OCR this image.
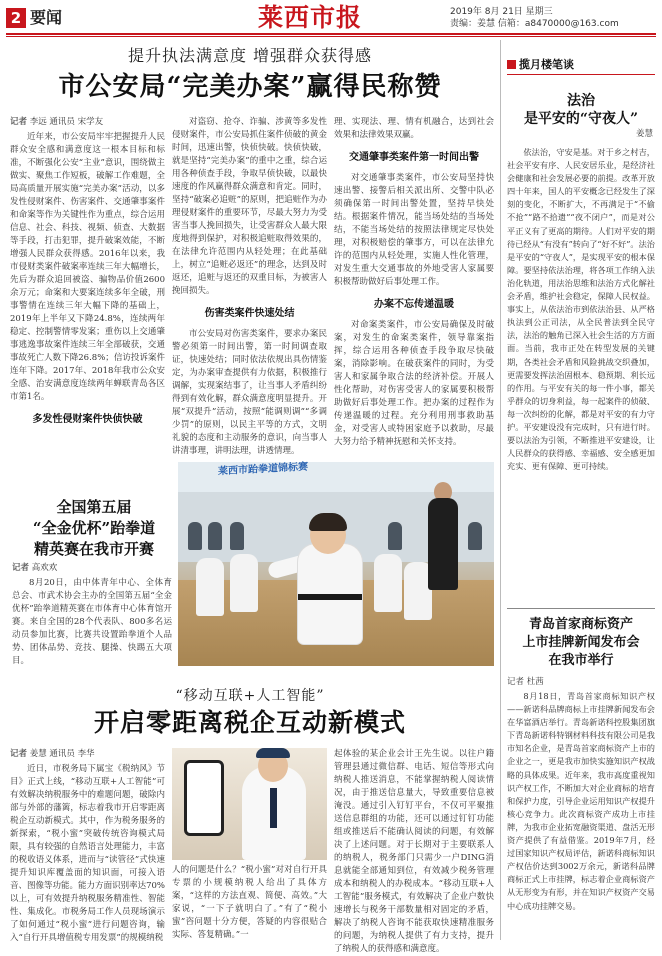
2 要闻	莱西市报	2019年 8月 21日 星期三
责编：姜慧 信箱：a8470000@163.com
提升执法满意度 增强群众获得感
市公安局“完美办案”赢得民称赞
记者 李远 通讯员 宋学友

近年来，市公安局牢牢把握提升人民群众安全感和满意度这一根本目标和标准，不断强化公安“主业”意识，围绕做主做实、聚焦工作短板，破解工作难题，全局高质量开展实施“完美办案”活动，以多发性侵财案件、伤害案件、交通肇事案件和命案等作为关键性作为重点，综合运用信息、社会、科技、视频、侦查、大数据等手段，打击犯罪，提升破案效能，不断增强人民群众获得感。2016年以来，我市侵财类案件破案率连续三年大幅增长，先后为群众追回被盗、骗物品价值2600余万元；命案和大要案连续多年全破，刑事警情在连续三年大幅下降的基础上，2019年上半年又下降24.8%，连续两年稳定、控制警情零发案；重伤以上交通肇事逃逸事故案件连续三年全部破获，交通事故死亡人数下降26.8%；信访投诉案件连年下降。2017年、2018年我市公众安全感、治安满意度连续两年蝉联青岛各区市第1名。

多发性侵财案件快侦快破

对盗窃、抢夺、诈骗、涉黄等多发性侵财案件，市公安局抓住案件侦破的黄金时间，迅速出警，快侦快破。快侦快破，就是坚持“完美办案”的重中之重，综合运用各种侦查手段，争取早侦快破，以最快速度的作风赢得群众满意和肯定。同时，坚持“破案必追赃”的原则，把追赃作为办理侵财案件的重要环节，尽最大努力为受害当事人挽回损失，让受害群众人最大限度地得到保护，对积极追赃取得效果的，在法律允许范围内从轻处理；在此基础上，树立“追赃必返还”的理念，达到及时返还，追赃与返还的双重目标，为被害人挽回损失。

伤害类案件快速处结

市公安局对伤害类案件，要求办案民警必须第一时间出警，第一时间调查取证，快速处结；同时依法依规出具伤情鉴定，为办案审查提供有力依据，积极推行调解，实现案结事了，让当事人矛盾纠纷得到有效化解，群众满意度明显提升。开展“双提升”活动，按照“能调则调”“多调少罚”的原则，以民主平等的方式，文明礼貌的态度和主动服务的意识，向当事人讲清事理，讲明法理，讲透情理。

理、实现法、理、情有机融合，达到社会效果和法律效果双赢。

交通肇事类案件第一时间出警

对交通肇事类案件，市公安局坚持快速出警、接警后相关派出所、交警中队必须确保第一时间出警处置，坚持早快处结。根据案件情况，能当场处结的当场处结，不能当场处结的按照法律规定尽快处理，对积极赔偿的肇事方，可以在法律允许的范围内从轻处理，实施人性化管理，对发生重大交通事故的外地受害人家属要积极帮助做好后事处理工作。

办案不忘传递温暖

对命案类案件，市公安局确保及时破案，对发生的命案类案件，领导靠案指挥，综合运用各种侦查手段争取尽快破案，消除影响。在破获案件的同时，为受害人和家属争取合法的经济补偿。开展人性化帮助，对伤害受害人的家属要积极帮助做好后事处理工作。把办案的过程作为传递温暖的过程。充分利用刑事救助基金，对受害人或特困家庭予以救助，尽最大努力给予精神抚慰和关怀支持。

莱西市跆拳道锦标赛
全国第五届
“全金优杯”跆拳道
精英赛在我市开赛
记者 高欢欢

8月20日，由中体青年中心、全体育总会、市武术协会主办的全国第五届“全金优杯”跆拳道精英赛在市体育中心体育馆开赛。来自全国的28个代表队、800多名运动员参加比赛，比赛共设置跆拳道个人品势、团体品势、竞技、腿操、快踢五大项目。

“移动互联+人工智能”
开启零距离税企互动新模式
记者 姜慧 通讯员 李华

近日，市税务局下属宝《税纳风》节目》正式上线，“移动互联+人工智能”可有效解决纳税服务中的难题问题，破除内部与外部的藩篱，标志着我市开启零距离税企互动新模式。其中，作为税务服务的新探索，“税小蜜”突破传统咨询模式局限，具有较强的自然语言处理能力，丰富的税收语义体系，进而与“读管径”式快速提升知识库覆盖面的知识面，可接入语音、图像等功能。能力方面识别率达70%以上，可有效提升纳税服务精准性、智能性、集成化。市税务局工作人员现场演示了如何通过“税小蜜”进行问题咨询，输入“自行开具增值税专用发票”的规模纳税

人的问题是什么？“税小蜜”对对自行开具专票的小规模纳税人给出了具体方案，“这样的方法直观、简便、高效。”大家说，“一下子就明白了。”有了“税小蜜”咨问题十分方便，答疑的内容很贴合实际、答复精确。”一

起体验的某企业会计王先生说。以往户籍管理县通过微信群、电话、短信等形式向纳税人推送消息，不能掌握纳税人阅读情况，由于推送信息量大，导致重要信息被淹没。通过引入钉钉平台，不仅可平聚推送信息群组的功能，还可以通过钉钉功能组或推送后不能确认阅读的问题，有效解决了上述问题。对于长期对于主要联系人的纳税人，税务部门只需少一户DING消息就能全部通知到位，有效减少税务管理成本和纳税人的办税成本。“移动互联+人工智能”服务模式，有效解决了企业户数快速增长与税务干部数量相对固定的矛盾，解决了纳税人咨询不能获取快速精准服务的问题，为纳税人提供了有力支持，提升了纳税人的获得感和满意度。

揽月楼笔谈
法治
是平安的“守夜人”
姜慧

依法治，守安是基。对于乡之村吉，社会平安有序、人民安居乐业，是经济社会健康和社会发展必要的前提。改革开放四十年来，国人的平安概念已经发生了深刻的变化，不断扩大，不再满足于“不偷不抢”“路不拾遗”“夜不闭户”，而是对公平正义有了更高的期待。人们对平安的期待已经从“有没有”转向了“好不好”。法治是平安的“守夜人”，是实现平安的根本保障。要坚持依法治理，将各项工作纳入法治化轨道，用法治思维和法治方式化解社会矛盾，维护社会稳定，保障人民权益。事实上，从依法治市到依法治县、从严格执法到公正司法，从全民普法到全民守法，法治的触角已深入社会生活的方方面面。当前，我市正处在转型发展的关键期，各类社会矛盾和风险挑战交织叠加，更需要发挥法治固根本、稳预期、利长远的作用。与平安有关的每一件小事，都关乎群众的切身利益，每一起案件的侦破、每一次纠纷的化解，都是对平安的有力守护。平安建设没有完成时，只有进行时。要以法治为引领，不断推进平安建设，让人民群众的获得感、幸福感、安全感更加充实、更有保障、更可持续。

青岛首家商标资产
上市挂牌新闻发布会
在我市举行
记者 杜茜

8月18日，青岛首家商标知识产权——新诺科品牌商标上市挂牌新闻发布会在华富酒店举行。青岛新诺科控股集团旗下青岛新诺科特钢材料科技有限公司是我市知名企业，是青岛首家商标资产上市的企业之一，更是我市加快实施知识产权战略的具体成果。近年来，我市高度重视知识产权工作，不断加大对企业商标的培育和保护力度，引导企业运用知识产权提升核心竞争力。此次商标资产成功上市挂牌，为我市企业拓宽融资渠道、盘活无形资产提供了有益借鉴。2019年7月，经过国家知识产权局评估，新诺科商标知识产权估价达到3002万余元，新诺科品牌商标正式上市挂牌，标志着企业商标资产从无形变为有形，并在知识产权资产交易中心成功挂牌交易。
